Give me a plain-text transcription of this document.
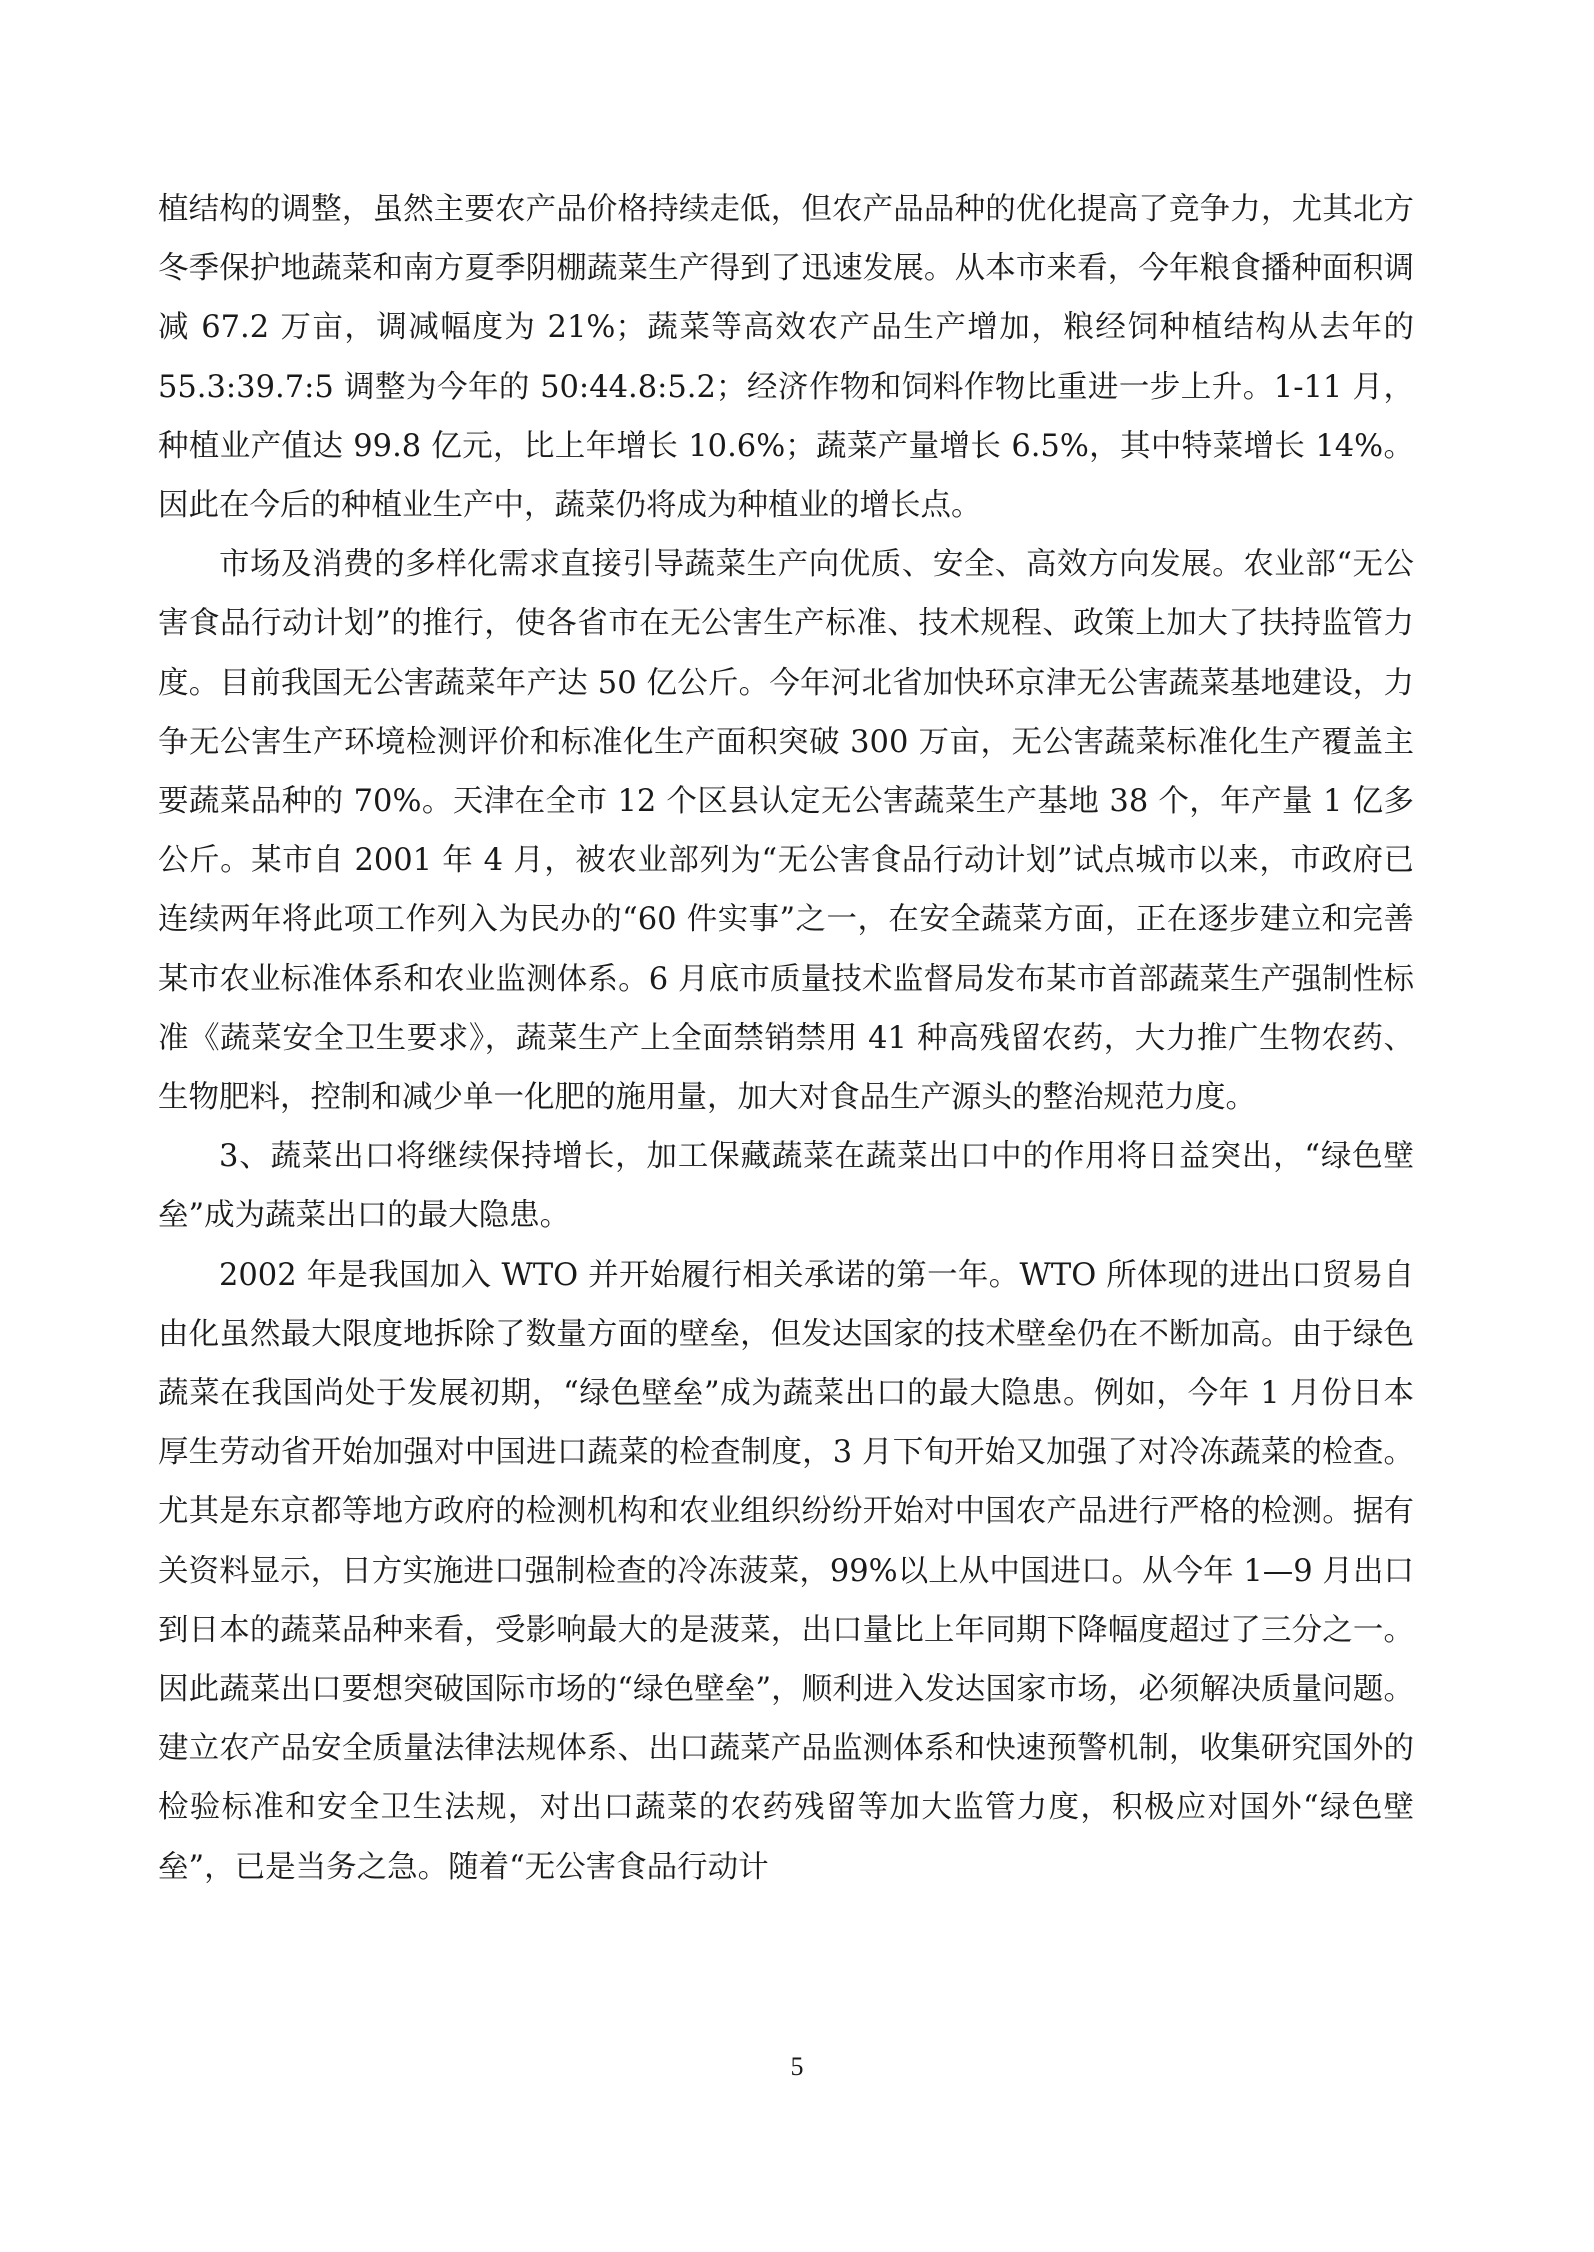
植结构的调整，虽然主要农产品价格持续走低，但农产品品种的优化提高了竞争力，尤其北方冬季保护地蔬菜和南方夏季阴棚蔬菜生产得到了迅速发展。从本市来看，今年粮食播种面积调减 67.2 万亩，调减幅度为 21%；蔬菜等高效农产品生产增加，粮经饲种植结构从去年的 55.3:39.7:5 调整为今年的 50:44.8:5.2；经济作物和饲料作物比重进一步上升。1-11 月，种植业产值达 99.8 亿元，比上年增长 10.6%；蔬菜产量增长 6.5%，其中特菜增长 14%。因此在今后的种植业生产中，蔬菜仍将成为种植业的增长点。

市场及消费的多样化需求直接引导蔬菜生产向优质、安全、高效方向发展。农业部“无公害食品行动计划”的推行，使各省市在无公害生产标准、技术规程、政策上加大了扶持监管力度。目前我国无公害蔬菜年产达 50 亿公斤。今年河北省加快环京津无公害蔬菜基地建设，力争无公害生产环境检测评价和标准化生产面积突破 300 万亩，无公害蔬菜标准化生产覆盖主要蔬菜品种的 70%。天津在全市 12 个区县认定无公害蔬菜生产基地 38 个，年产量 1 亿多公斤。某市自 2001 年 4 月，被农业部列为“无公害食品行动计划”试点城市以来，市政府已连续两年将此项工作列入为民办的“60 件实事”之一，在安全蔬菜方面，正在逐步建立和完善某市农业标准体系和农业监测体系。6 月底市质量技术监督局发布某市首部蔬菜生产强制性标准《蔬菜安全卫生要求》，蔬菜生产上全面禁销禁用 41 种高残留农药，大力推广生物农药、生物肥料，控制和减少单一化肥的施用量，加大对食品生产源头的整治规范力度。

3、蔬菜出口将继续保持增长，加工保藏蔬菜在蔬菜出口中的作用将日益突出，“绿色壁垒”成为蔬菜出口的最大隐患。

2002 年是我国加入 WTO 并开始履行相关承诺的第一年。WTO 所体现的进出口贸易自由化虽然最大限度地拆除了数量方面的壁垒，但发达国家的技术壁垒仍在不断加高。由于绿色蔬菜在我国尚处于发展初期，“绿色壁垒”成为蔬菜出口的最大隐患。例如，今年 1 月份日本厚生劳动省开始加强对中国进口蔬菜的检查制度，3 月下旬开始又加强了对冷冻蔬菜的检查。尤其是东京都等地方政府的检测机构和农业组织纷纷开始对中国农产品进行严格的检测。据有关资料显示，日方实施进口强制检查的冷冻菠菜，99%以上从中国进口。从今年 1—9 月出口到日本的蔬菜品种来看，受影响最大的是菠菜，出口量比上年同期下降幅度超过了三分之一。因此蔬菜出口要想突破国际市场的“绿色壁垒”，顺利进入发达国家市场，必须解决质量问题。建立农产品安全质量法律法规体系、出口蔬菜产品监测体系和快速预警机制，收集研究国外的检验标准和安全卫生法规，对出口蔬菜的农药残留等加大监管力度，积极应对国外“绿色壁垒”，已是当务之急。随着“无公害食品行动计

5
